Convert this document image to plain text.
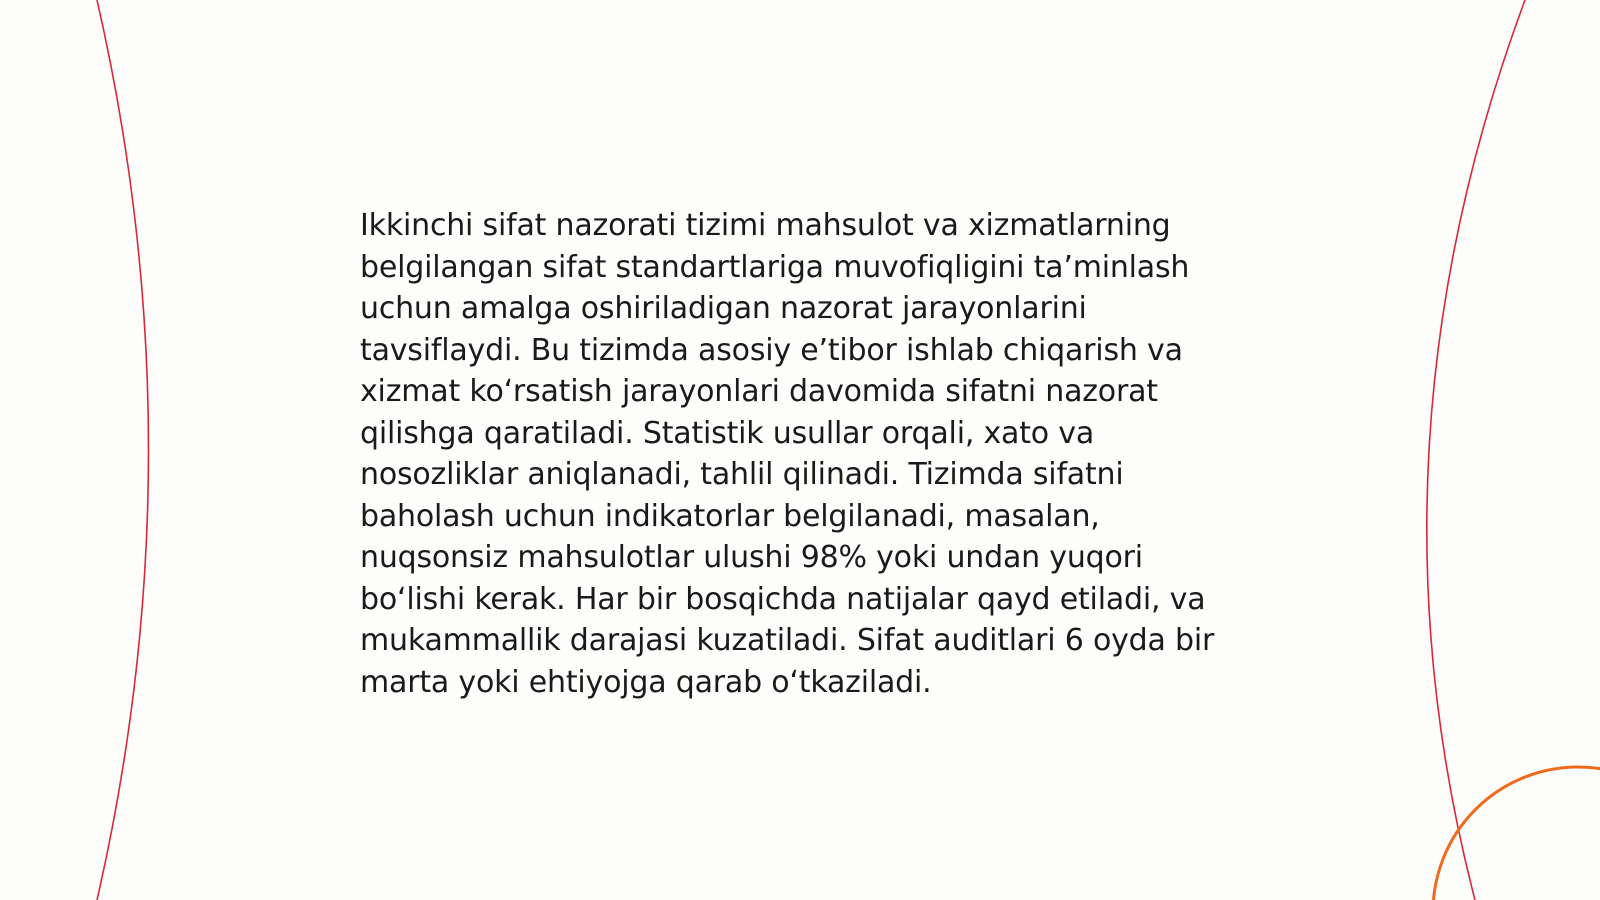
Ikkinchi sifat nazorati tizimi mahsulot va xizmatlarning belgilangan sifat standartlariga muvofiqligini ta’minlash uchun amalga oshiriladigan nazorat jarayonlarini tavsiflaydi. Bu tizimda asosiy e’tibor ishlab chiqarish va xizmat ko‘rsatish jarayonlari davomida sifatni nazorat qilishga qaratiladi. Statistik usullar orqali, xato va nosozliklar aniqlanadi, tahlil qilinadi. Tizimda sifatni baholash uchun indikatorlar belgilanadi, masalan, nuqsonsiz mahsulotlar ulushi 98% yoki undan yuqori bo‘lishi kerak. Har bir bosqichda natijalar qayd etiladi, va mukammallik darajasi kuzatiladi. Sifat auditlari 6 oyda bir marta yoki ehtiyojga qarab o‘tkaziladi.
